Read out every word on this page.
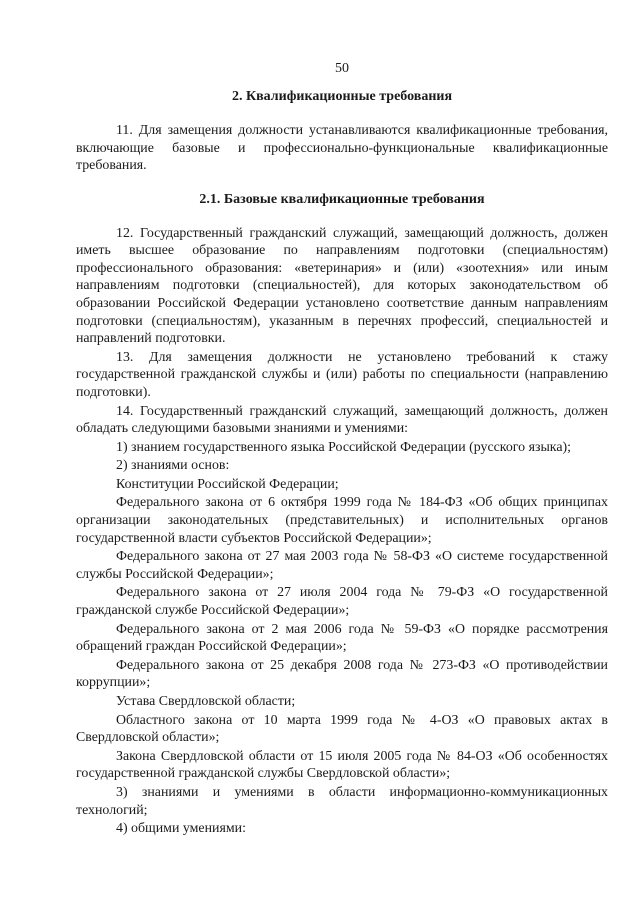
50
2. Квалификационные требования

11. Для замещения должности устанавливаются квалификационные требования, включающие базовые и профессионально-функциональные квалификационные требования.

2.1. Базовые квалификационные требования

12. Государственный гражданский служащий, замещающий должность, должен иметь высшее образование по направлениям подготовки (специальностям) профессионального образования: «ветеринария» и (или) «зоотехния» или иным направлениям подготовки (специальностей), для которых законодательством об образовании Российской Федерации установлено соответствие данным направлениям подготовки (специальностям), указанным в перечнях профессий, специальностей и направлений подготовки.

13. Для замещения должности не установлено требований к стажу государственной гражданской службы и (или) работы по специальности (направлению подготовки).

14. Государственный гражданский служащий, замещающий должность, должен обладать следующими базовыми знаниями и умениями:

1) знанием государственного языка Российской Федерации (русского языка);

2) знаниями основ:

Конституции Российской Федерации;

Федерального закона от 6 октября 1999 года № 184-ФЗ «Об общих принципах организации законодательных (представительных) и исполнительных органов государственной власти субъектов Российской Федерации»;

Федерального закона от 27 мая 2003 года № 58-ФЗ «О системе государственной службы Российской Федерации»;

Федерального закона от 27 июля 2004 года № 79-ФЗ «О государственной гражданской службе Российской Федерации»;

Федерального закона от 2 мая 2006 года № 59-ФЗ «О порядке рассмотрения обращений граждан Российской Федерации»;

Федерального закона от 25 декабря 2008 года № 273-ФЗ «О противодействии коррупции»;

Устава Свердловской области;

Областного закона от 10 марта 1999 года № 4-ОЗ «О правовых актах в Свердловской области»;

Закона Свердловской области от 15 июля 2005 года № 84-ОЗ «Об особенностях государственной гражданской службы Свердловской области»;

3) знаниями и умениями в области информационно-коммуникационных технологий;

4) общими умениями:
